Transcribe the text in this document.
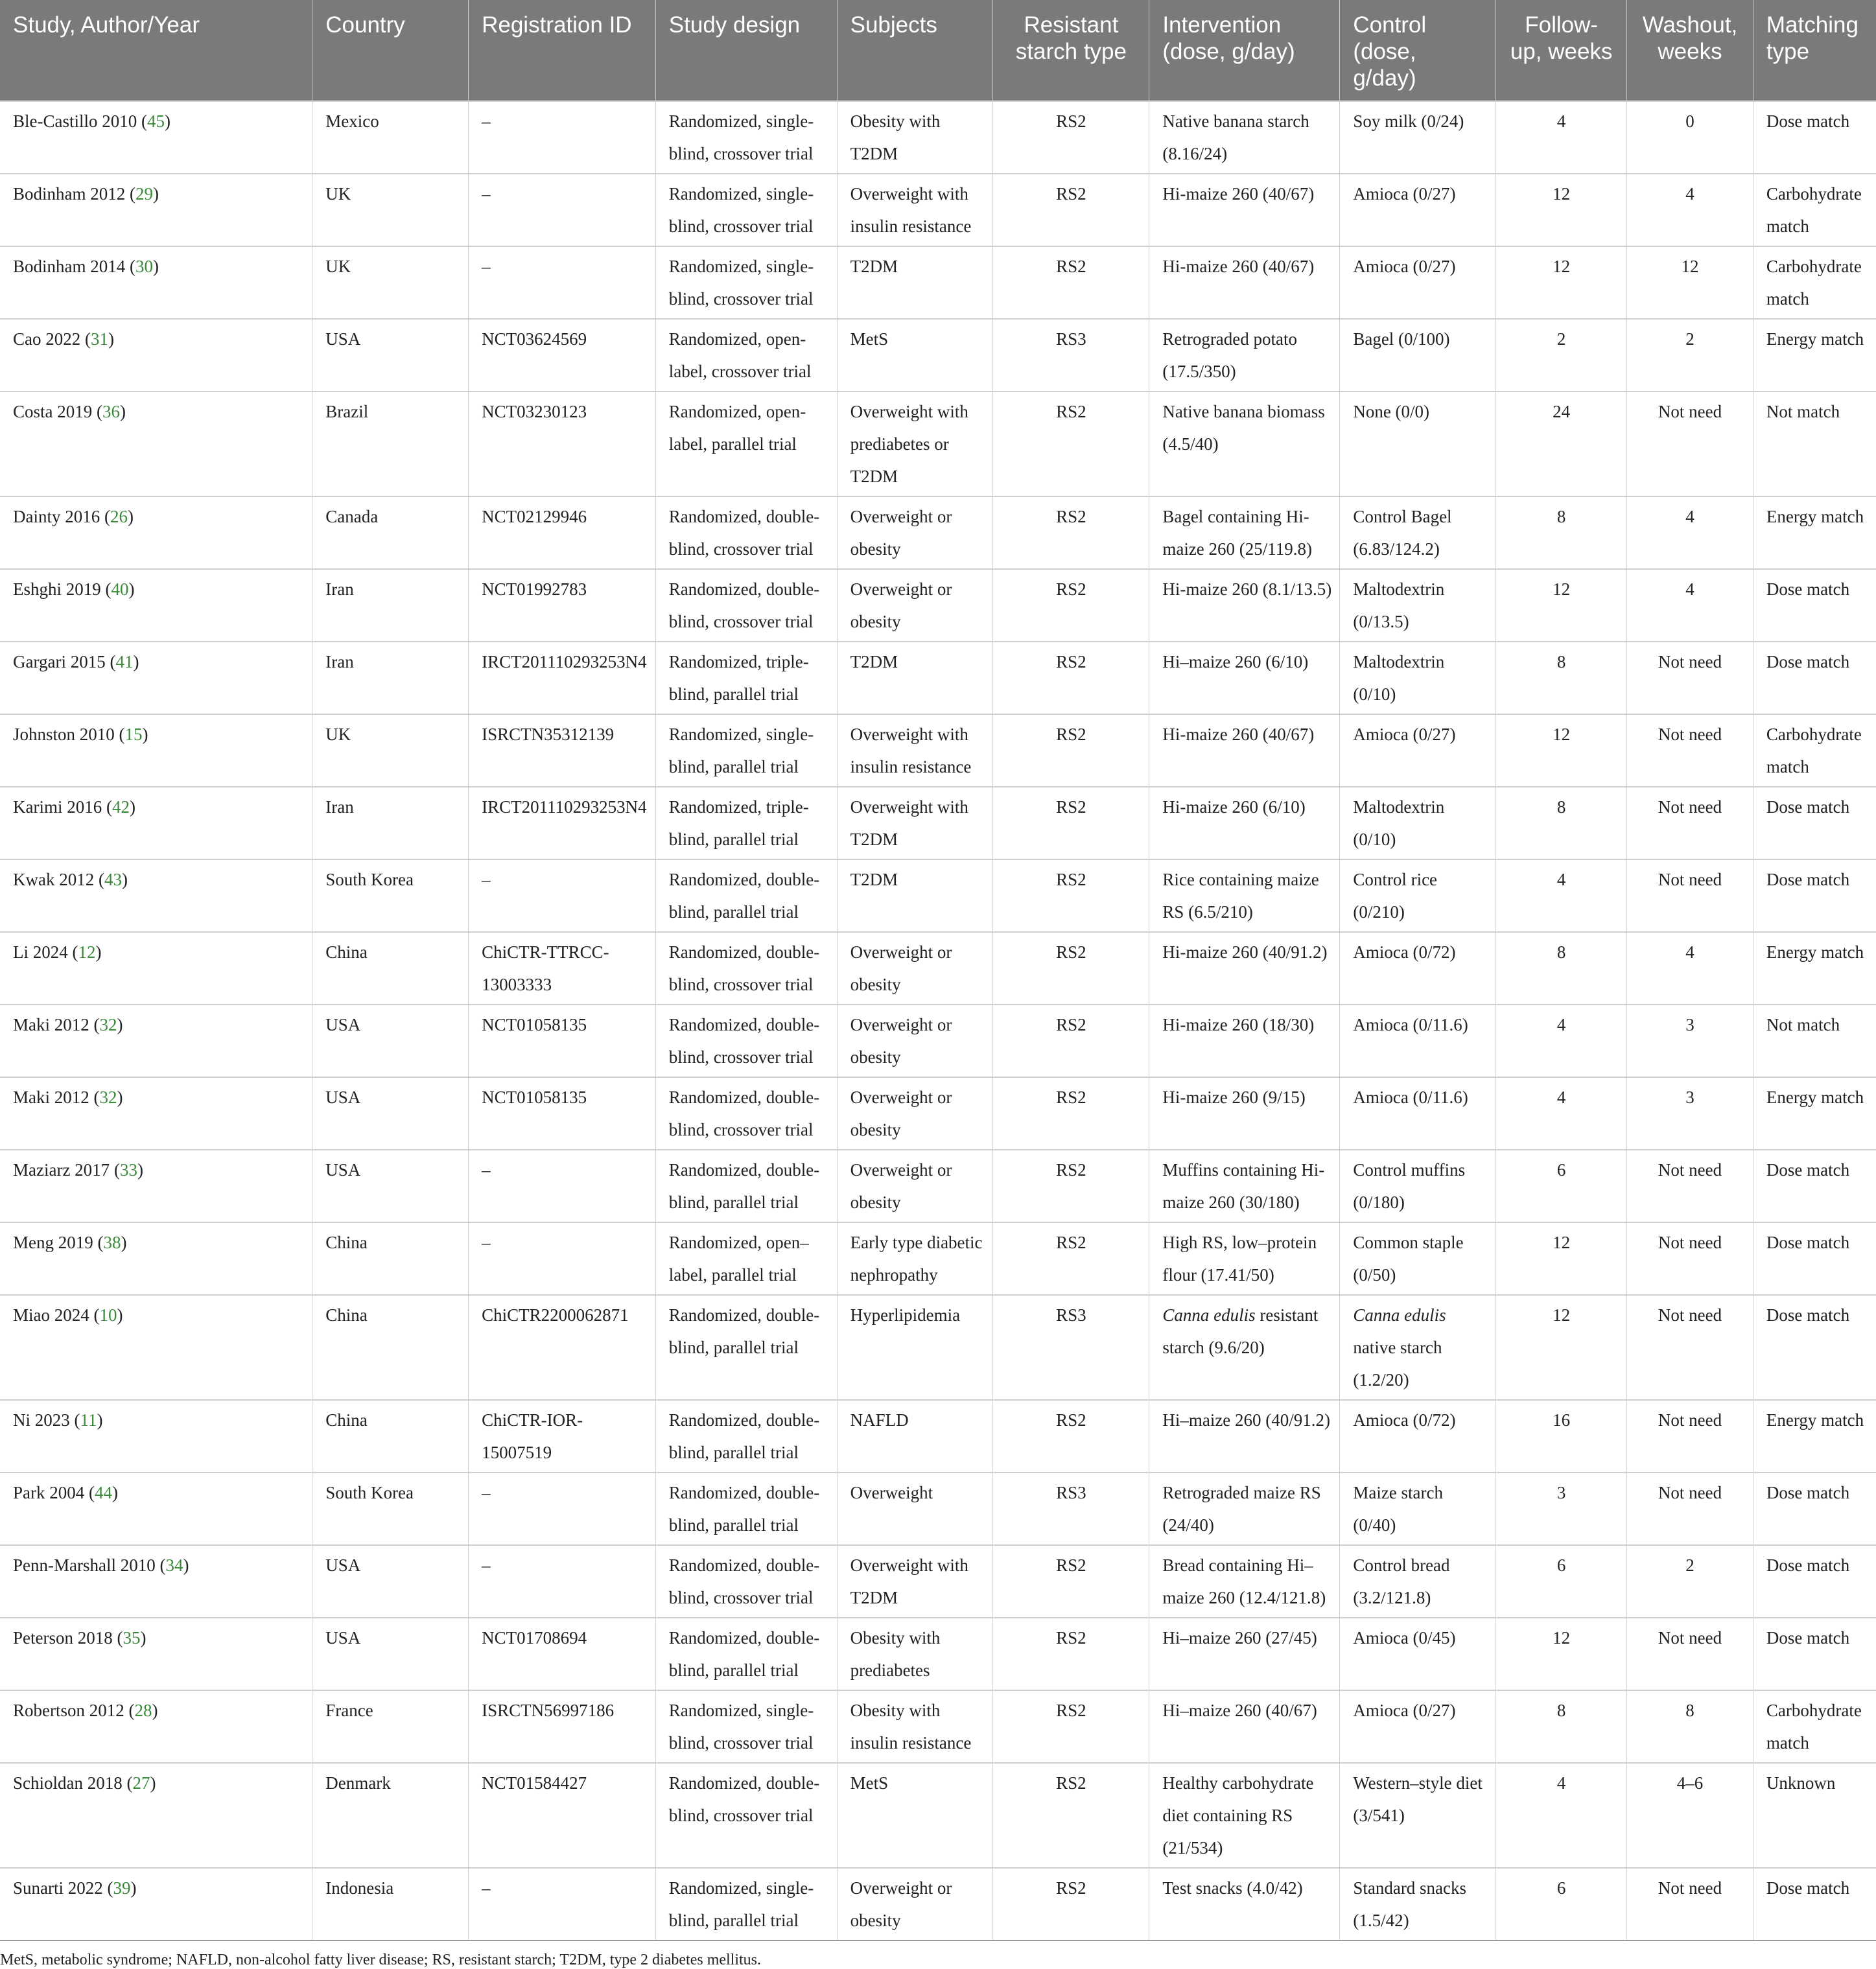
Study, Author/Year	Country	Registration ID	Study design	Subjects	Resistant starch type	Intervention (dose, g/day)	Control (dose, g/day)	Follow-up, weeks	Washout, weeks	Matching type
Ble-Castillo 2010 (45)	Mexico	–	Randomized, single-blind, crossover trial	Obesity with T2DM	RS2	Native banana starch (8.16/24)	Soy milk (0/24)	4	0	Dose match
Bodinham 2012 (29)	UK	–	Randomized, single-blind, crossover trial	Overweight with insulin resistance	RS2	Hi-maize 260 (40/67)	Amioca (0/27)	12	4	Carbohydrate match
Bodinham 2014 (30)	UK	–	Randomized, single-blind, crossover trial	T2DM	RS2	Hi-maize 260 (40/67)	Amioca (0/27)	12	12	Carbohydrate match
Cao 2022 (31)	USA	NCT03624569	Randomized, open-label, crossover trial	MetS	RS3	Retrograded potato (17.5/350)	Bagel (0/100)	2	2	Energy match
Costa 2019 (36)	Brazil	NCT03230123	Randomized, open-label, parallel trial	Overweight with prediabetes or T2DM	RS2	Native banana biomass (4.5/40)	None (0/0)	24	Not need	Not match
Dainty 2016 (26)	Canada	NCT02129946	Randomized, double-blind, crossover trial	Overweight or obesity	RS2	Bagel containing Hi-maize 260 (25/119.8)	Control Bagel (6.83/124.2)	8	4	Energy match
Eshghi 2019 (40)	Iran	NCT01992783	Randomized, double-blind, crossover trial	Overweight or obesity	RS2	Hi-maize 260 (8.1/13.5)	Maltodextrin (0/13.5)	12	4	Dose match
Gargari 2015 (41)	Iran	IRCT201110293253N4	Randomized, triple-blind, parallel trial	T2DM	RS2	Hi–maize 260 (6/10)	Maltodextrin (0/10)	8	Not need	Dose match
Johnston 2010 (15)	UK	ISRCTN35312139	Randomized, single-blind, parallel trial	Overweight with insulin resistance	RS2	Hi-maize 260 (40/67)	Amioca (0/27)	12	Not need	Carbohydrate match
Karimi 2016 (42)	Iran	IRCT201110293253N4	Randomized, triple-blind, parallel trial	Overweight with T2DM	RS2	Hi-maize 260 (6/10)	Maltodextrin (0/10)	8	Not need	Dose match
Kwak 2012 (43)	South Korea	–	Randomized, double-blind, parallel trial	T2DM	RS2	Rice containing maize RS (6.5/210)	Control rice (0/210)	4	Not need	Dose match
Li 2024 (12)	China	ChiCTR-TTRCC-13003333	Randomized, double-blind, crossover trial	Overweight or obesity	RS2	Hi-maize 260 (40/91.2)	Amioca (0/72)	8	4	Energy match
Maki 2012 (32)	USA	NCT01058135	Randomized, double-blind, crossover trial	Overweight or obesity	RS2	Hi-maize 260 (18/30)	Amioca (0/11.6)	4	3	Not match
Maki 2012 (32)	USA	NCT01058135	Randomized, double-blind, crossover trial	Overweight or obesity	RS2	Hi-maize 260 (9/15)	Amioca (0/11.6)	4	3	Energy match
Maziarz 2017 (33)	USA	–	Randomized, double-blind, parallel trial	Overweight or obesity	RS2	Muffins containing Hi-maize 260 (30/180)	Control muffins (0/180)	6	Not need	Dose match
Meng 2019 (38)	China	–	Randomized, open–label, parallel trial	Early type diabetic nephropathy	RS2	High RS, low–protein flour (17.41/50)	Common staple (0/50)	12	Not need	Dose match
Miao 2024 (10)	China	ChiCTR2200062871	Randomized, double-blind, parallel trial	Hyperlipidemia	RS3	Canna edulis resistant starch (9.6/20)	Canna edulis native starch (1.2/20)	12	Not need	Dose match
Ni 2023 (11)	China	ChiCTR-IOR-15007519	Randomized, double-blind, parallel trial	NAFLD	RS2	Hi–maize 260 (40/91.2)	Amioca (0/72)	16	Not need	Energy match
Park 2004 (44)	South Korea	–	Randomized, double-blind, parallel trial	Overweight	RS3	Retrograded maize RS (24/40)	Maize starch (0/40)	3	Not need	Dose match
Penn-Marshall 2010 (34)	USA	–	Randomized, double-blind, crossover trial	Overweight with T2DM	RS2	Bread containing Hi–maize 260 (12.4/121.8)	Control bread (3.2/121.8)	6	2	Dose match
Peterson 2018 (35)	USA	NCT01708694	Randomized, double-blind, parallel trial	Obesity with prediabetes	RS2	Hi–maize 260 (27/45)	Amioca (0/45)	12	Not need	Dose match
Robertson 2012 (28)	France	ISRCTN56997186	Randomized, single-blind, crossover trial	Obesity with insulin resistance	RS2	Hi–maize 260 (40/67)	Amioca (0/27)	8	8	Carbohydrate match
Schioldan 2018 (27)	Denmark	NCT01584427	Randomized, double-blind, crossover trial	MetS	RS2	Healthy carbohydrate diet containing RS (21/534)	Western–style diet (3/541)	4	4–6	Unknown
Sunarti 2022 (39)	Indonesia	–	Randomized, single-blind, parallel trial	Overweight or obesity	RS2	Test snacks (4.0/42)	Standard snacks (1.5/42)	6	Not need	Dose match
MetS, metabolic syndrome; NAFLD, non-alcohol fatty liver disease; RS, resistant starch; T2DM, type 2 diabetes mellitus.
